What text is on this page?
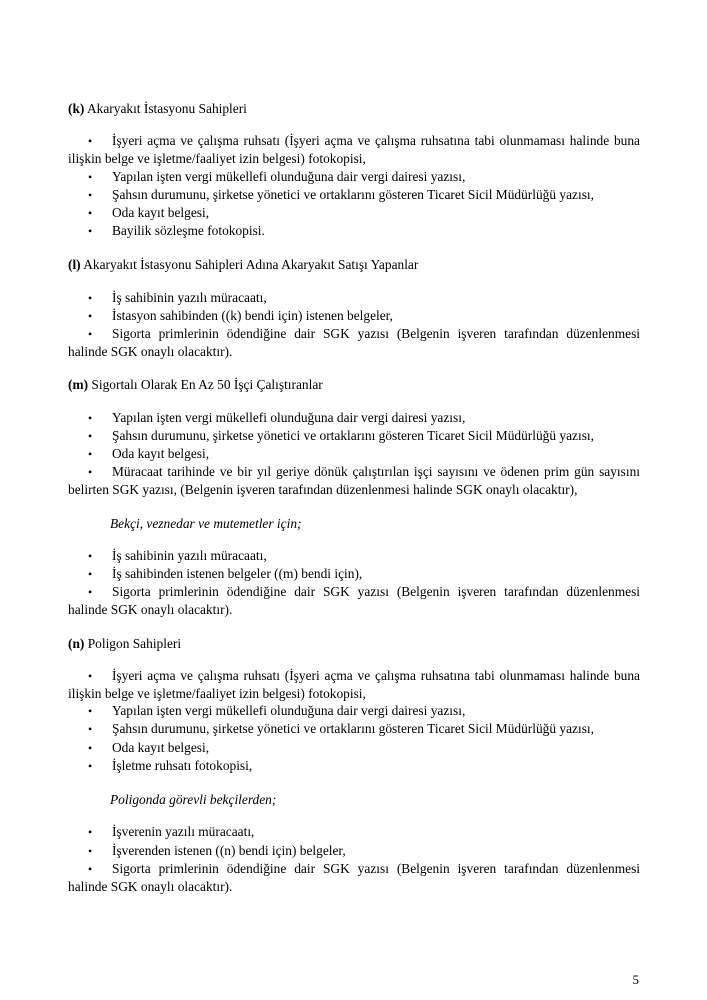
(k) Akaryakıt İstasyonu Sahipleri

• İşyeri açma ve çalışma ruhsatı (İşyeri açma ve çalışma ruhsatına tabi olunmaması halinde buna ilişkin belge ve işletme/faaliyet izin belgesi) fotokopisi,
• Yapılan işten vergi mükellefi olunduğuna dair vergi dairesi yazısı,
• Şahsın durumunu, şirketse yönetici ve ortaklarını gösteren Ticaret Sicil Müdürlüğü yazısı,
• Oda kayıt belgesi,
• Bayilik sözleşme fotokopisi.

(l) Akaryakıt İstasyonu Sahipleri Adına Akaryakıt Satışı Yapanlar

• İş sahibinin yazılı müracaatı,
• İstasyon sahibinden ((k) bendi için) istenen belgeler,
• Sigorta primlerinin ödendiğine dair SGK yazısı (Belgenin işveren tarafından düzenlenmesi halinde SGK onaylı olacaktır).

(m) Sigortalı Olarak En Az 50 İşçi Çalıştıranlar

• Yapılan işten vergi mükellefi olunduğuna dair vergi dairesi yazısı,
• Şahsın durumunu, şirketse yönetici ve ortaklarını gösteren Ticaret Sicil Müdürlüğü yazısı,
• Oda kayıt belgesi,
• Müracaat tarihinde ve bir yıl geriye dönük çalıştırılan işçi sayısını ve ödenen prim gün sayısını belirten SGK yazısı, (Belgenin işveren tarafından düzenlenmesi halinde SGK onaylı olacaktır),

Bekçi, veznedar ve mutemetler için;

• İş sahibinin yazılı müracaatı,
• İş sahibinden istenen belgeler ((m) bendi için),
• Sigorta primlerinin ödendiğine dair SGK yazısı (Belgenin işveren tarafından düzenlenmesi halinde SGK onaylı olacaktır).

(n) Poligon Sahipleri

• İşyeri açma ve çalışma ruhsatı (İşyeri açma ve çalışma ruhsatına tabi olunmaması halinde buna ilişkin belge ve işletme/faaliyet izin belgesi) fotokopisi,
• Yapılan işten vergi mükellefi olunduğuna dair vergi dairesi yazısı,
• Şahsın durumunu, şirketse yönetici ve ortaklarını gösteren Ticaret Sicil Müdürlüğü yazısı,
• Oda kayıt belgesi,
• İşletme ruhsatı fotokopisi,

Poligonda görevli bekçilerden;

• İşverenin yazılı müracaatı,
• İşverenden istenen ((n) bendi için) belgeler,
• Sigorta primlerinin ödendiğine dair SGK yazısı (Belgenin işveren tarafından düzenlenmesi halinde SGK onaylı olacaktır).
5
